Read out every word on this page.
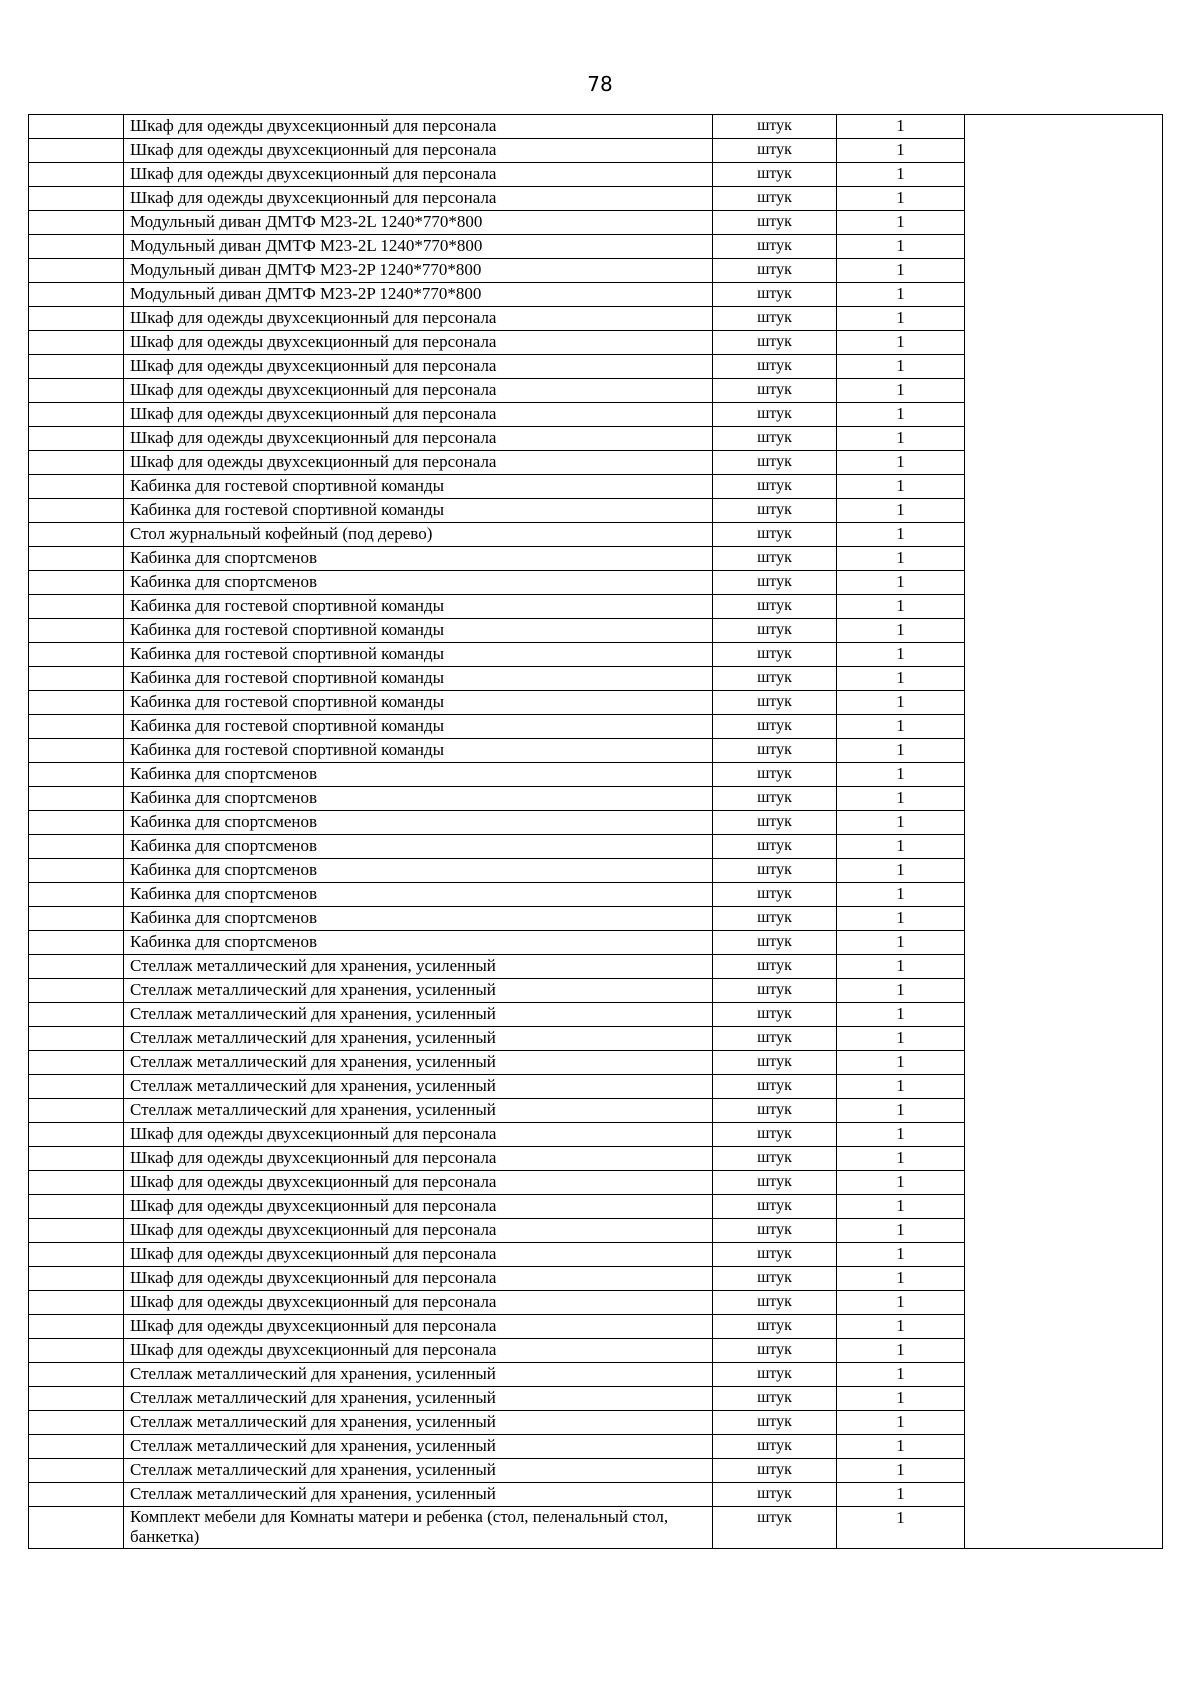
78
	Шкаф для одежды двухсекционный для персонала	штук	1	
	Шкаф для одежды двухсекционный для персонала	штук	1	
	Шкаф для одежды двухсекционный для персонала	штук	1	
	Шкаф для одежды двухсекционный для персонала	штук	1	
	Модульный диван ДМТФ М23-2L 1240*770*800	штук	1	
	Модульный диван ДМТФ М23-2L 1240*770*800	штук	1	
	Модульный диван ДМТФ М23-2P 1240*770*800	штук	1	
	Модульный диван ДМТФ М23-2P 1240*770*800	штук	1	
	Шкаф для одежды двухсекционный для персонала	штук	1	
	Шкаф для одежды двухсекционный для персонала	штук	1	
	Шкаф для одежды двухсекционный для персонала	штук	1	
	Шкаф для одежды двухсекционный для персонала	штук	1	
	Шкаф для одежды двухсекционный для персонала	штук	1	
	Шкаф для одежды двухсекционный для персонала	штук	1	
	Шкаф для одежды двухсекционный для персонала	штук	1	
	Кабинка для гостевой спортивной команды	штук	1	
	Кабинка для гостевой спортивной команды	штук	1	
	Стол журнальный кофейный (под дерево)	штук	1	
	Кабинка для спортсменов	штук	1	
	Кабинка для спортсменов	штук	1	
	Кабинка для гостевой спортивной команды	штук	1	
	Кабинка для гостевой спортивной команды	штук	1	
	Кабинка для гостевой спортивной команды	штук	1	
	Кабинка для гостевой спортивной команды	штук	1	
	Кабинка для гостевой спортивной команды	штук	1	
	Кабинка для гостевой спортивной команды	штук	1	
	Кабинка для гостевой спортивной команды	штук	1	
	Кабинка для спортсменов	штук	1	
	Кабинка для спортсменов	штук	1	
	Кабинка для спортсменов	штук	1	
	Кабинка для спортсменов	штук	1	
	Кабинка для спортсменов	штук	1	
	Кабинка для спортсменов	штук	1	
	Кабинка для спортсменов	штук	1	
	Кабинка для спортсменов	штук	1	
	Стеллаж металлический для хранения, усиленный	штук	1	
	Стеллаж металлический для хранения, усиленный	штук	1	
	Стеллаж металлический для хранения, усиленный	штук	1	
	Стеллаж металлический для хранения, усиленный	штук	1	
	Стеллаж металлический для хранения, усиленный	штук	1	
	Стеллаж металлический для хранения, усиленный	штук	1	
	Стеллаж металлический для хранения, усиленный	штук	1	
	Шкаф для одежды двухсекционный для персонала	штук	1	
	Шкаф для одежды двухсекционный для персонала	штук	1	
	Шкаф для одежды двухсекционный для персонала	штук	1	
	Шкаф для одежды двухсекционный для персонала	штук	1	
	Шкаф для одежды двухсекционный для персонала	штук	1	
	Шкаф для одежды двухсекционный для персонала	штук	1	
	Шкаф для одежды двухсекционный для персонала	штук	1	
	Шкаф для одежды двухсекционный для персонала	штук	1	
	Шкаф для одежды двухсекционный для персонала	штук	1	
	Шкаф для одежды двухсекционный для персонала	штук	1	
	Стеллаж металлический для хранения, усиленный	штук	1	
	Стеллаж металлический для хранения, усиленный	штук	1	
	Стеллаж металлический для хранения, усиленный	штук	1	
	Стеллаж металлический для хранения, усиленный	штук	1	
	Стеллаж металлический для хранения, усиленный	штук	1	
	Стеллаж металлический для хранения, усиленный	штук	1	
	Комплект мебели для Комнаты матери и ребенка (стол, пеленальный стол, банкетка)	штук	1	
